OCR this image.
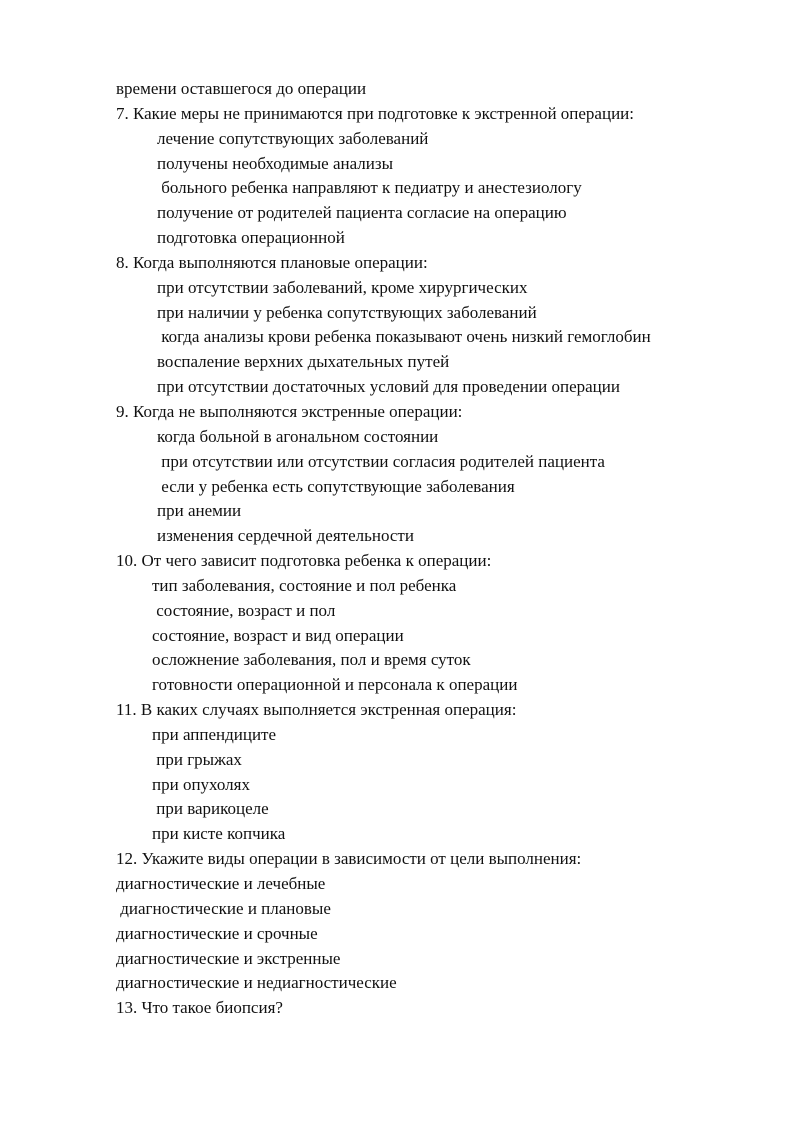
времени оставшегося до операции
7. Какие меры не принимаются при подготовке к экстренной операции:
лечение сопутствующих заболеваний
получены необходимые анализы
больного ребенка направляют к педиатру и анестезиологу
получение от родителей пациента согласие на операцию
подготовка операционной
8. Когда выполняются плановые операции:
при отсутствии заболеваний, кроме хирургических
при наличии у ребенка сопутствующих заболеваний
когда анализы крови ребенка показывают очень низкий гемоглобин
воспаление верхних дыхательных путей
при отсутствии достаточных условий для проведении операции
9. Когда не выполняются экстренные операции:
когда больной в агональном состоянии
при отсутствии или отсутствии согласия родителей пациента
если у ребенка есть сопутствующие заболевания
при анемии
изменения сердечной деятельности
10. От чего зависит подготовка ребенка к операции:
тип заболевания, состояние и пол ребенка
состояние, возраст и пол
состояние, возраст и вид операции
осложнение заболевания, пол и время суток
готовности операционной и персонала к операции
11. В каких случаях выполняется экстренная операция:
при аппендиците
при грыжах
при опухолях
при варикоцеле
при кисте копчика
12. Укажите виды операции в зависимости от цели выполнения:
диагностические и лечебные
диагностические и плановые
диагностические и срочные
диагностические и экстренные
диагностические и недиагностические
13. Что такое биопсия?
